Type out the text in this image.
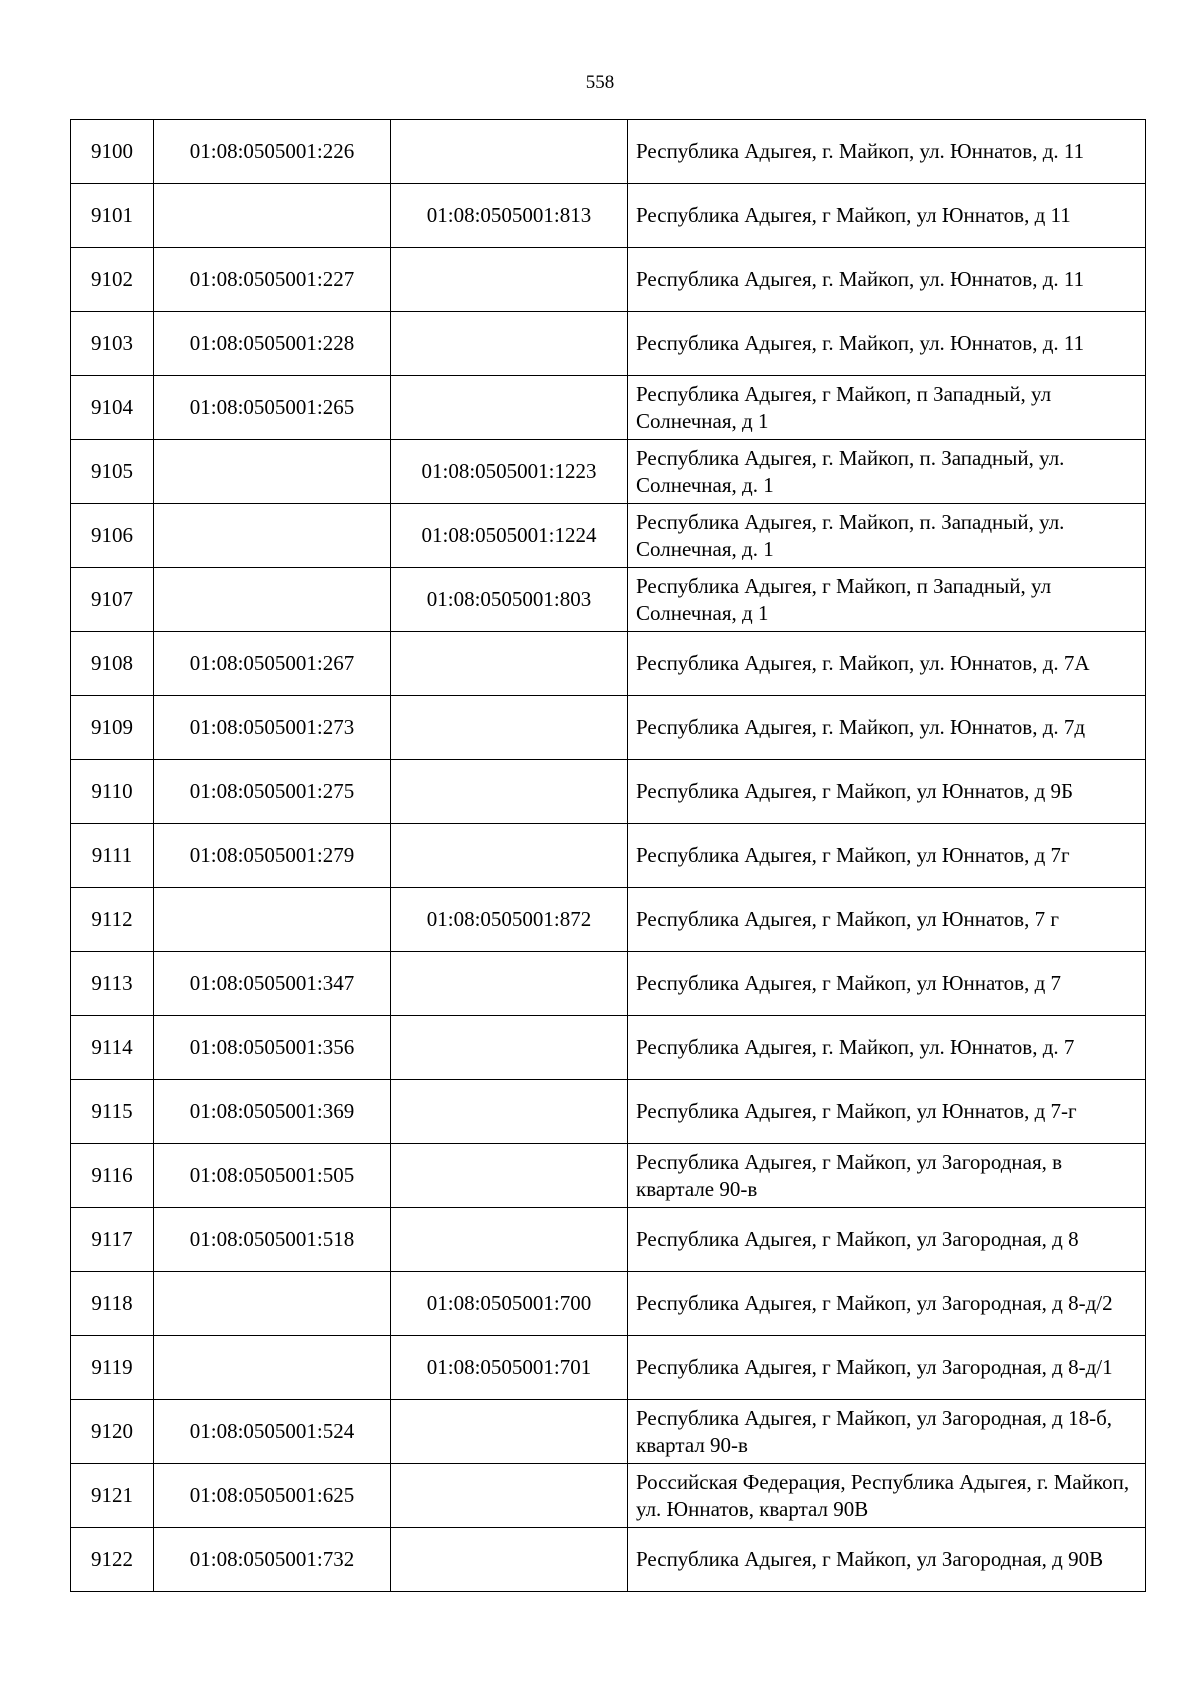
558
9100	01:08:0505001:226		Республика Адыгея, г. Майкоп, ул. Юннатов, д. 11
9101		01:08:0505001:813	Республика Адыгея, г Майкоп, ул Юннатов, д 11
9102	01:08:0505001:227		Республика Адыгея, г. Майкоп, ул. Юннатов, д. 11
9103	01:08:0505001:228		Республика Адыгея, г. Майкоп, ул. Юннатов, д. 11
9104	01:08:0505001:265		Республика Адыгея, г Майкоп, п Западный, ул Солнечная, д 1
9105		01:08:0505001:1223	Республика Адыгея, г. Майкоп, п. Западный, ул. Солнечная, д. 1
9106		01:08:0505001:1224	Республика Адыгея, г. Майкоп, п. Западный, ул. Солнечная, д. 1
9107		01:08:0505001:803	Республика Адыгея, г Майкоп, п Западный, ул Солнечная, д 1
9108	01:08:0505001:267		Республика Адыгея, г. Майкоп, ул. Юннатов, д. 7А
9109	01:08:0505001:273		Республика Адыгея, г. Майкоп, ул. Юннатов, д. 7д
9110	01:08:0505001:275		Республика Адыгея, г Майкоп, ул Юннатов, д 9Б
9111	01:08:0505001:279		Республика Адыгея, г Майкоп, ул Юннатов, д 7г
9112		01:08:0505001:872	Республика Адыгея, г Майкоп, ул Юннатов, 7 г
9113	01:08:0505001:347		Республика Адыгея, г Майкоп, ул Юннатов, д 7
9114	01:08:0505001:356		Республика Адыгея, г. Майкоп, ул. Юннатов, д. 7
9115	01:08:0505001:369		Республика Адыгея, г Майкоп, ул Юннатов, д 7-г
9116	01:08:0505001:505		Республика Адыгея, г Майкоп, ул Загородная, в квартале 90-в
9117	01:08:0505001:518		Республика Адыгея, г Майкоп, ул Загородная, д 8
9118		01:08:0505001:700	Республика Адыгея, г Майкоп, ул Загородная, д 8-д/2
9119		01:08:0505001:701	Республика Адыгея, г Майкоп, ул Загородная, д 8-д/1
9120	01:08:0505001:524		Республика Адыгея, г Майкоп, ул Загородная, д 18-б, квартал 90-в
9121	01:08:0505001:625		Российская Федерация, Республика Адыгея, г. Майкоп, ул. Юннатов, квартал 90В
9122	01:08:0505001:732		Республика Адыгея, г Майкоп, ул Загородная, д 90В
